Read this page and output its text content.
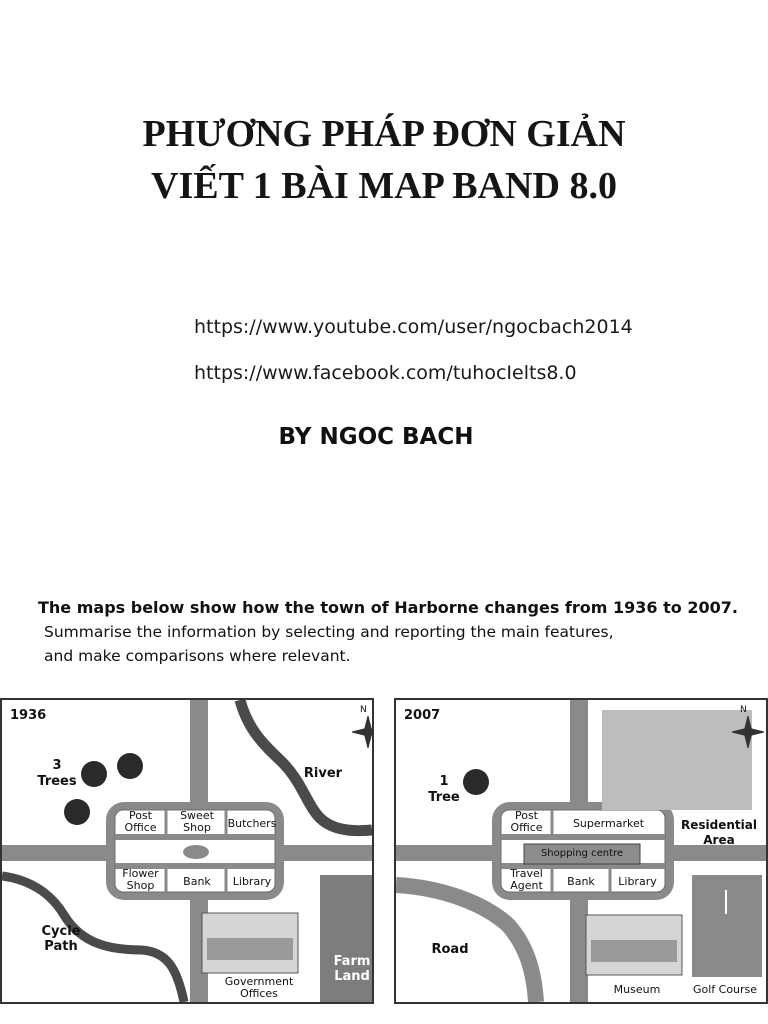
PHƯƠNG PHÁP ĐƠN GIẢN
VIẾT 1 BÀI MAP BAND 8.0
https://www.youtube.com/user/ngocbach2014
https://www.facebook.com/tuhocIelts8.0
BY NGOC BACH
The maps below show how the town of Harborne changes from 1936 to 2007.
Summarise the information by selecting and reporting the main features,
and make comparisons where relevant.
1936	N
3
Trees
River
Post Office
Sweet Shop	Butchers
Flower Shop	Bank	Library
Cycle Path
Government Offices
Farm Land
2007	N
1
Tree
Residential Area
Post Office	Supermarket
Shopping centre
Travel Agent	Bank	Library
Road
Museum	Golf Course
